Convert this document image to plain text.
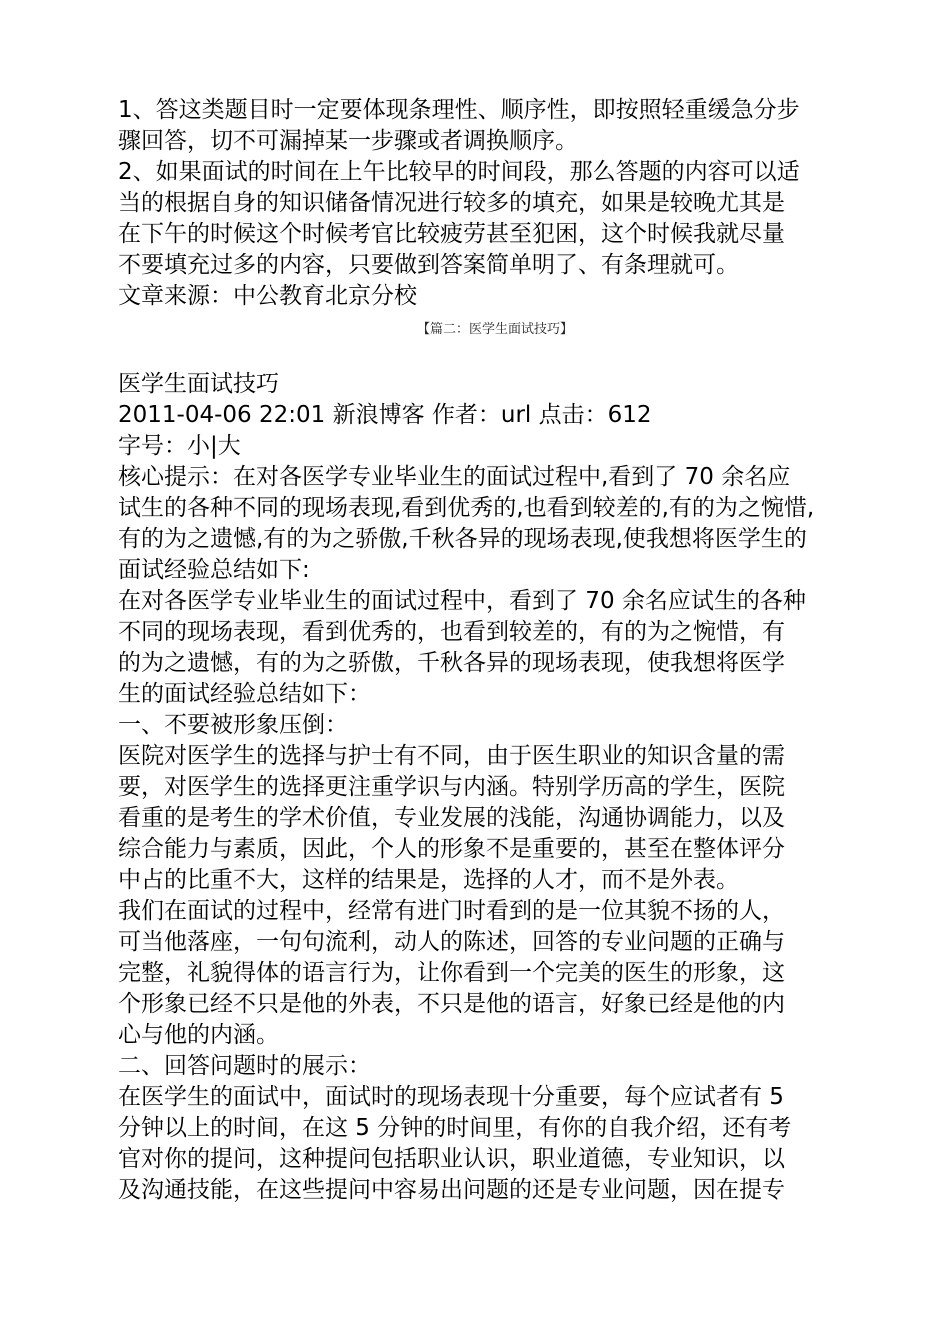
1、答这类题目时一定要体现条理性、顺序性，即按照轻重缓急分步
骤回答，切不可漏掉某一步骤或者调换顺序。
2、如果面试的时间在上午比较早的时间段，那么答题的内容可以适
当的根据自身的知识储备情况进行较多的填充，如果是较晚尤其是
在下午的时候这个时候考官比较疲劳甚至犯困，这个时候我就尽量
不要填充过多的内容，只要做到答案简单明了、有条理就可。
文章来源：中公教育北京分校
【篇二：医学生面试技巧】
医学生面试技巧
2011-04-06 22:01 新浪博客 作者：url 点击：612
字号：小|大
核心提示：在对各医学专业毕业生的面试过程中,看到了 70 余名应
试生的各种不同的现场表现,看到优秀的,也看到较差的,有的为之惋惜,
有的为之遗憾,有的为之骄傲,千秋各异的现场表现,使我想将医学生的
面试经验总结如下:
在对各医学专业毕业生的面试过程中，看到了 70 余名应试生的各种
不同的现场表现，看到优秀的，也看到较差的，有的为之惋惜，有
的为之遗憾，有的为之骄傲，千秋各异的现场表现，使我想将医学
生的面试经验总结如下：
一、不要被形象压倒：
医院对医学生的选择与护士有不同，由于医生职业的知识含量的需
要，对医学生的选择更注重学识与内涵。特别学历高的学生，医院
看重的是考生的学术价值，专业发展的浅能，沟通协调能力，以及
综合能力与素质，因此，个人的形象不是重要的，甚至在整体评分
中占的比重不大，这样的结果是，选择的人才，而不是外表。
我们在面试的过程中，经常有进门时看到的是一位其貌不扬的人，
可当他落座，一句句流利，动人的陈述，回答的专业问题的正确与
完整，礼貌得体的语言行为，让你看到一个完美的医生的形象，这
个形象已经不只是他的外表，不只是他的语言，好象已经是他的内
心与他的内涵。
二、回答问题时的展示：
在医学生的面试中，面试时的现场表现十分重要，每个应试者有 5
分钟以上的时间，在这 5 分钟的时间里，有你的自我介绍，还有考
官对你的提问，这种提问包括职业认识，职业道德，专业知识，以
及沟通技能，在这些提问中容易出问题的还是专业问题，因在提专
